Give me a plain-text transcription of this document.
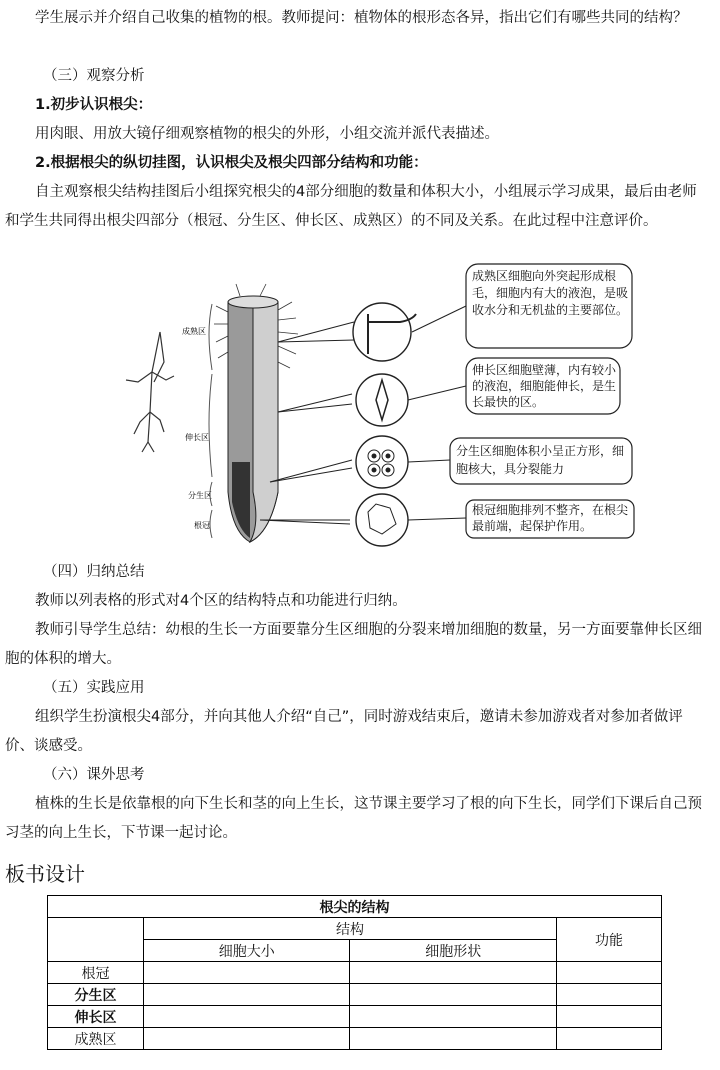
学生展示并介绍自己收集的植物的根。教师提问：植物体的根形态各异，指出它们有哪些共同的结构？

（三）观察分析

1.初步认识根尖：

用肉眼、用放大镜仔细观察植物的根尖的外形，小组交流并派代表描述。

2.根据根尖的纵切挂图，认识根尖及根尖四部分结构和功能：

自主观察根尖结构挂图后小组探究根尖的4部分细胞的数量和体积大小，小组展示学习成果，最后由老师和学生共同得出根尖四部分（根冠、分生区、伸长区、成熟区）的不同及关系。在此过程中注意评价。

成熟区
伸长区
分生区
根冠
成熟区细胞向外突起形成根毛，细胞内有大的液泡，是吸收水分和无机盐的主要部位。
伸长区细胞壁薄，内有较小的液泡，细胞能伸长，是生长最快的区。
分生区细胞体积小呈正方形，细胞核大，具分裂能力
根冠细胞排列不整齐，在根尖最前端，起保护作用。

（四）归纳总结

教师以列表格的形式对4个区的结构特点和功能进行归纳。

教师引导学生总结：幼根的生长一方面要靠分生区细胞的分裂来增加细胞的数量，另一方面要靠伸长区细胞的体积的增大。

（五）实践应用

组织学生扮演根尖4部分，并向其他人介绍“自己”，同时游戏结束后，邀请未参加游戏者对参加者做评价、谈感受。

（六）课外思考

植株的生长是依靠根的向下生长和茎的向上生长，这节课主要学习了根的向下生长，同学们下课后自己预习茎的向上生长，下节课一起讨论。

板书设计
根尖的结构			
	结构		功能
	细胞大小	细胞形状	
根冠			
分生区			
伸长区			
成熟区			
